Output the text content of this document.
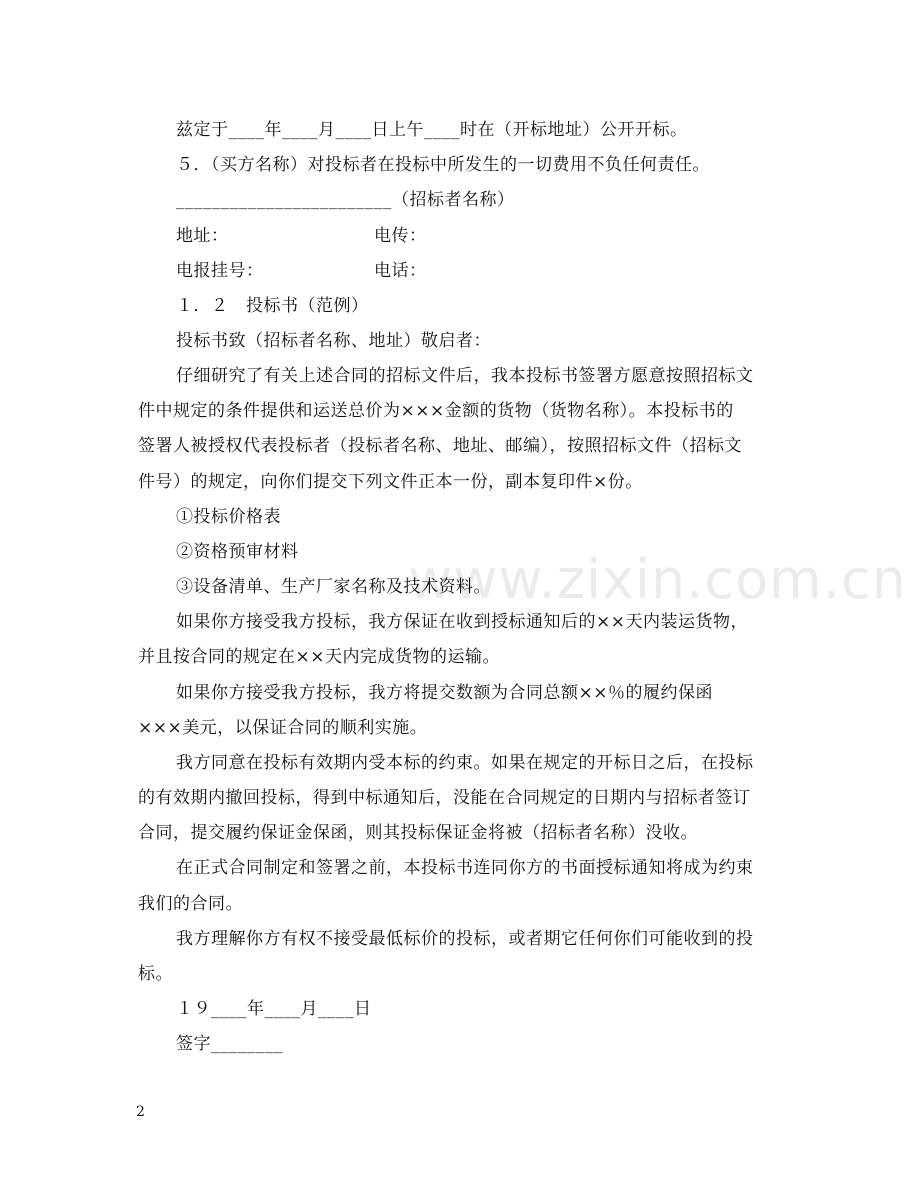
www.zixin.com.cn
兹定于____年____月____日上午____时在（开标地址）公开开标。
５．（买方名称）对投标者在投标中所发生的一切费用不负任何责任。
________________________（招标者名称）
地址：	电传：
电报挂号：	电话：
１．２　投标书（范例）
投标书致（招标者名称、地址）敬启者：
仔细研究了有关上述合同的招标文件后，我本投标书签署方愿意按照招标文
件中规定的条件提供和运送总价为×××金额的货物（货物名称）。本投标书的
签署人被授权代表投标者（投标者名称、地址、邮编），按照招标文件（招标文
件号）的规定，向你们提交下列文件正本一份，副本复印件×份。
①投标价格表
②资格预审材料
③设备清单、生产厂家名称及技术资料。
如果你方接受我方投标，我方保证在收到授标通知后的××天内装运货物，
并且按合同的规定在××天内完成货物的运输。
如果你方接受我方投标，我方将提交数额为合同总额××％的履约保函
×××美元，以保证合同的顺利实施。
我方同意在投标有效期内受本标的约束。如果在规定的开标日之后，在投标
的有效期内撤回投标，得到中标通知后，没能在合同规定的日期内与招标者签订
合同，提交履约保证金保函，则其投标保证金将被（招标者名称）没收。
在正式合同制定和签署之前，本投标书连同你方的书面授标通知将成为约束
我们的合同。
我方理解你方有权不接受最低标价的投标，或者期它任何你们可能收到的投
标。
１９____年____月____日
签字________
2
